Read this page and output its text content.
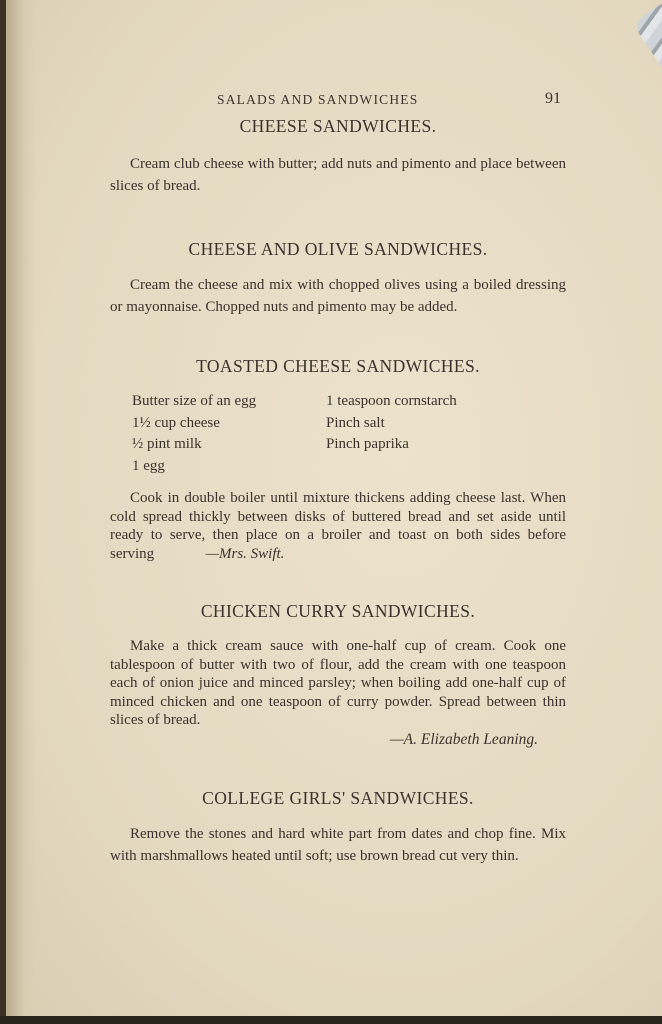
SALADS AND SANDWICHES	91
CHEESE SANDWICHES.

Cream club cheese with butter; add nuts and pimento and place between slices of bread.

CHEESE AND OLIVE SANDWICHES.

Cream the cheese and mix with chopped olives using a boiled dressing or mayonnaise. Chopped nuts and pimento may be added.

TOASTED CHEESE SANDWICHES.
Butter size of an egg	1 teaspoon cornstarch
1½ cup cheese	Pinch salt
½ pint milk	Pinch paprika
1 egg

Cook in double boiler until mixture thickens adding cheese last. When cold spread thickly between disks of buttered bread and set aside until ready to serve, then place on a broiler and toast on both sides before serving	—Mrs. Swift.

CHICKEN CURRY SANDWICHES.

Make a thick cream sauce with one-half cup of cream. Cook one tablespoon of butter with two of flour, add the cream with one teaspoon each of onion juice and minced parsley; when boiling add one-half cup of minced chicken and one teaspoon of curry powder. Spread between thin slices of bread.

—A. Elizabeth Leaning.
COLLEGE GIRLS' SANDWICHES.

Remove the stones and hard white part from dates and chop fine. Mix with marshmallows heated until soft; use brown bread cut very thin.
